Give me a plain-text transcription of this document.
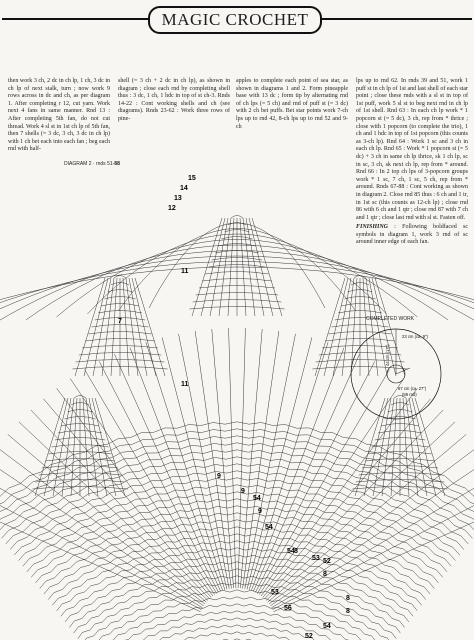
MAGIC CROCHET

then work 3 ch, 2 dc in ch lp, 1 ch, 3 dc in ch lp of next stalk, turn ; now work 9 rows across in dc and ch, as per diagram 1. After completing r 12, cut yarn. Work next 4 fans in same manner. Rnd 13 : After completing 5th fan, do not cut thread. Work 4 sl st in 1st ch lp of 5th fan, then 7 shells (= 3 dc, 3 ch, 3 dc in ch lp) with 1 ch bet each into each fan ; beg each rnd with half-

shell (= 3 ch + 2 dc in ch lp), as shown in diagram ; close each rnd by completing shell thus : 3 dc, 1 ch, 1 hdc in top of st ch-3. Rnds 14-22 : Cont working shells and ch (see diagrams). Rnds 23-62 : Work three rows of pine-

apples to complete each point of sea star, as shown in diagrams 1 and 2. Form pineapple base with 13 dc ; form tip by alternating rnd of ch lps (= 5 ch) and rnd of puff st (= 3 dc) with 2 ch bet puffs. Bet star points work 7-ch lps up to rnd 42, 8-ch lps up to rnd 52 and 9-ch

lps up to rnd 62. In rnds 39 and 51, work 1 puff st in ch lp of 1st and last shell of each star point ; close these rnds with a sl st in top of 1st puff, work 5 sl st to beg next rnd in ch lp of 1st shell. Rnd 63 : In each ch lp work * 1 popcorn st (= 5 dc), 3 ch, rep from * thrice ; close with 1 popcorn (to complete the trio), 1 ch and 1 hdc in top of 1st popcorn (this counts as 3-ch lp). Rnd 64 : Work 1 sc and 3 ch in each ch lp. Rnd 65 : Work * 1 popcorn st (= 5 dc) + 3 ch in same ch lp thrice, sk 1 ch lp, sc in sc, 3 ch, sk next ch lp, rep from * around. Rnd 66 : In 2 top ch lps of 3-popcorn groups work * 1 sc, 7 ch, 1 sc, 5 ch, rep from * around. Rnds 67-88 : Cont working as shown in diagram 2. Close rnd 85 thus : 6 ch and 1 tr, in 1st sc (this counts as 12-ch lp) ; close rnd 86 with 6 ch and 1 qtr ; close rnd 87 with 7 ch and 1 qtr ; close last rnd with sl st. Fasten off.

FINISHING : Following boldfaced sc symbols in diagram 1, work 3 rnd of sc around inner edge of each fan.

DIAGRAM 2 · rnds 51-88
15
14
13
12
11
7
11
9
9
9
8
8
8
8
54
54
54
54
56
53
53 52
52
COMPLETED WORK
23 cm (ca. 9")
44 cm (17")
67 cm (ca. 27")
(88 rnd)
